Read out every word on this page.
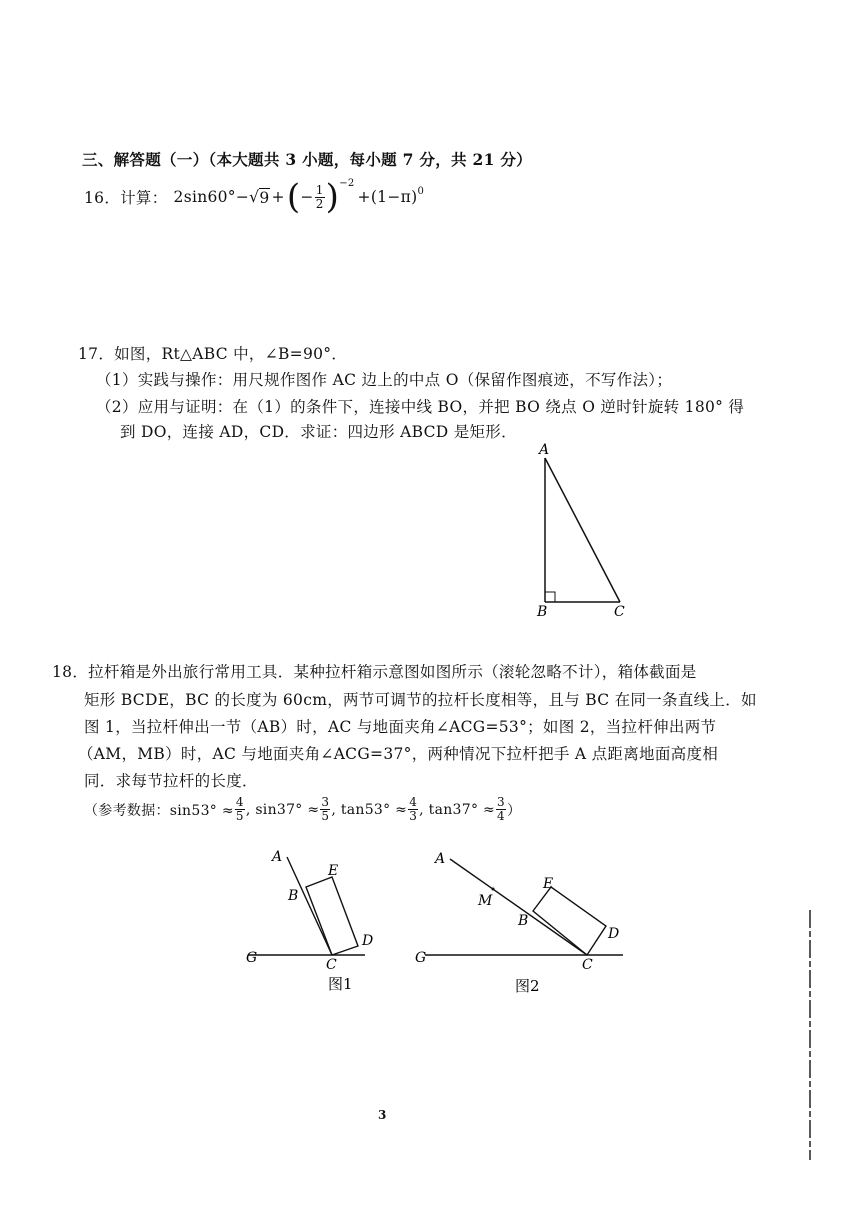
三、解答题（一）（本大题共 3 小题，每小题 7 分，共 21 分）
16．计算： 2sin60°− √ 9 + ( − $\frac{1}{2} )^{-2}$
$+(1-\pi)^0$
17．如图，Rt△ABC 中，∠B=90°．
（1）实践与操作：用尺规作图作 AC 边上的中点 O（保留作图痕迹，不写作法）；
（2）应用与证明：在（1）的条件下，连接中线 BO，并把 BO 绕点 O 逆时针旋转 180° 得
到 DO，连接 AD，CD．求证：四边形 ABCD 是矩形．
A
B	C
18．拉杆箱是外出旅行常用工具．某种拉杆箱示意图如图所示（滚轮忽略不计），箱体截面是
矩形 BCDE，BC 的长度为 60cm，两节可调节的拉杆长度相等，且与 BC 在同一条直线上．如
图 1，当拉杆伸出一节（AB）时，AC 与地面夹角∠ACG=53°；如图 2，当拉杆伸出两节
（AM，MB）时，AC 与地面夹角∠ACG=37°，两种情况下拉杆把手 A 点距离地面高度相
同．求每节拉杆的长度．
（参考数据：$\sin 53^\circ \approx \frac{4}{5}$ , $\sin 37^\circ \approx \frac{3}{5}$ , $\tan 53^\circ \approx \frac{4}{3}$ , $\tan 37^\circ \approx \frac{3}{4}$ ）
A
B
E
D
C
G
图1
A
M
B
E
D
C
G
图2
3
